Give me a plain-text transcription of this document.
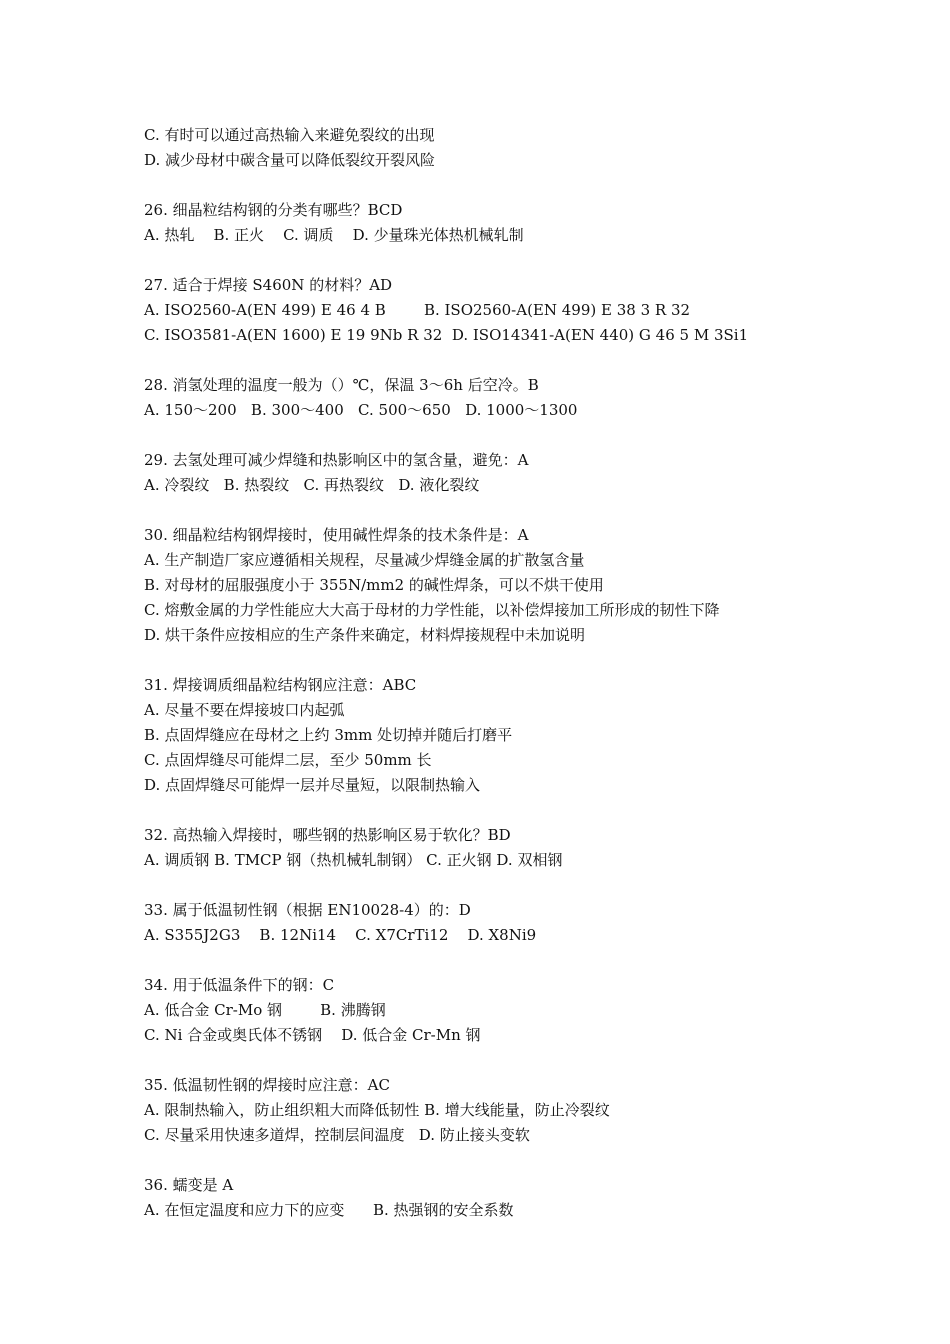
C. 有时可以通过高热输入来避免裂纹的出现
D. 减少母材中碳含量可以降低裂纹开裂风险
26. 细晶粒结构钢的分类有哪些？BCD
A. 热轧    B. 正火    C. 调质    D. 少量珠光体热机械轧制
27. 适合于焊接 S460N 的材料？AD
A. ISO2560-A(EN 499) E 46 4 B        B. ISO2560-A(EN 499) E 38 3 R 32
C. ISO3581-A(EN 1600) E 19 9Nb R 32  D. ISO14341-A(EN 440) G 46 5 M 3Si1
28. 消氢处理的温度一般为（）℃，保温 3～6h 后空冷。B
A. 150～200   B. 300～400   C. 500～650   D. 1000～1300
29. 去氢处理可减少焊缝和热影响区中的氢含量，避免：A
A. 冷裂纹   B. 热裂纹   C. 再热裂纹   D. 液化裂纹
30. 细晶粒结构钢焊接时，使用碱性焊条的技术条件是：A
A. 生产制造厂家应遵循相关规程，尽量减少焊缝金属的扩散氢含量
B. 对母材的屈服强度小于 355N/mm2 的碱性焊条，可以不烘干使用
C. 熔敷金属的力学性能应大大高于母材的力学性能，以补偿焊接加工所形成的韧性下降
D. 烘干条件应按相应的生产条件来确定，材料焊接规程中未加说明
31. 焊接调质细晶粒结构钢应注意：ABC
A. 尽量不要在焊接坡口内起弧
B. 点固焊缝应在母材之上约 3mm 处切掉并随后打磨平
C. 点固焊缝尽可能焊二层，至少 50mm 长
D. 点固焊缝尽可能焊一层并尽量短，以限制热输入
32. 高热输入焊接时，哪些钢的热影响区易于软化？BD
A. 调质钢 B. TMCP 钢（热机械轧制钢） C. 正火钢 D. 双相钢
33. 属于低温韧性钢（根据 EN10028-4）的：D
A. S355J2G3    B. 12Ni14    C. X7CrTi12    D. X8Ni9
34. 用于低温条件下的钢：C
A. 低合金 Cr-Mo 钢        B. 沸腾钢
C. Ni 合金或奥氏体不锈钢    D. 低合金 Cr-Mn 钢
35. 低温韧性钢的焊接时应注意：AC
A. 限制热输入，防止组织粗大而降低韧性 B. 增大线能量，防止冷裂纹
C. 尽量采用快速多道焊，控制层间温度   D. 防止接头变软
36. 蠕变是 A
A. 在恒定温度和应力下的应变      B. 热强钢的安全系数
